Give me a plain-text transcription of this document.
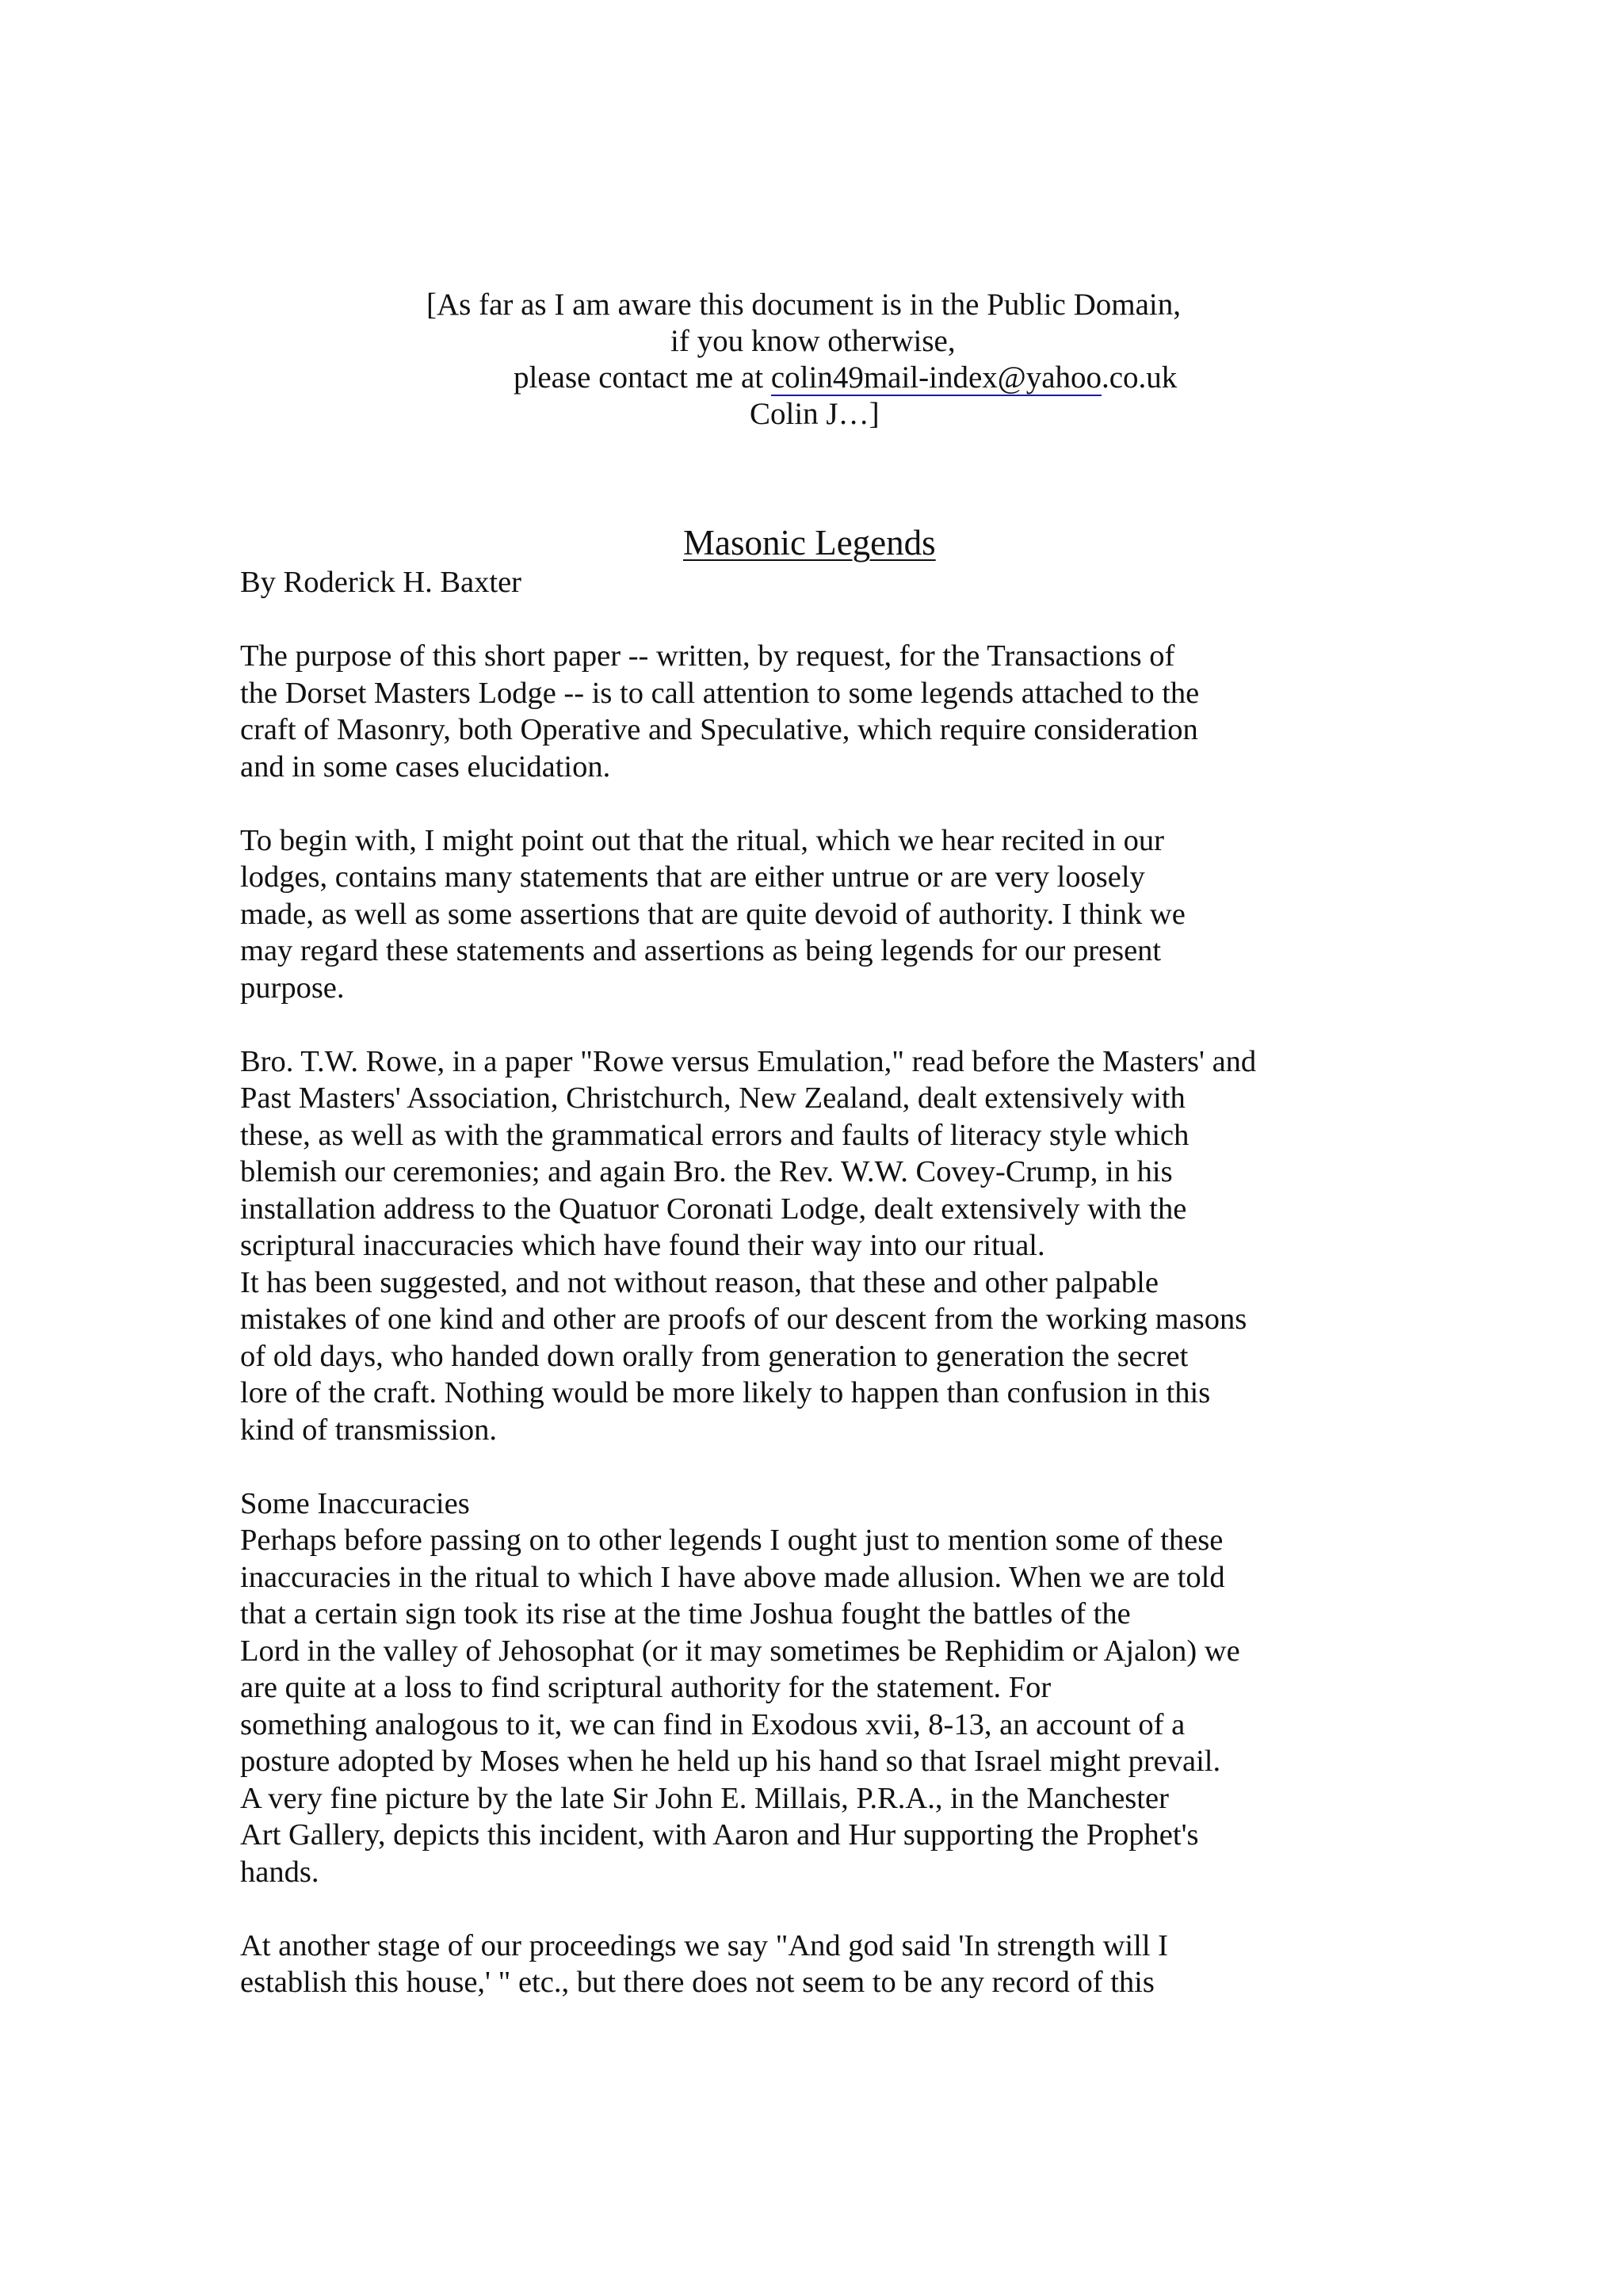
[As far as I am aware this document is in the Public Domain,
if you know otherwise,
please contact me at colin49mail-index@yahoo.co.uk
Colin J…]
Masonic Legends
By Roderick H. Baxter
The purpose of this short paper -- written, by request, for the Transactions of
the Dorset Masters Lodge -- is to call attention to some legends attached to the
craft of Masonry, both Operative and Speculative, which require consideration
and in some cases elucidation.
To begin with, I might point out that the ritual, which we hear recited in our
lodges, contains many statements that are either untrue or are very loosely
made, as well as some assertions that are quite devoid of authority. I think we
may regard these statements and assertions as being legends for our present
purpose.
Bro. T.W. Rowe, in a paper "Rowe versus Emulation," read before the Masters' and
Past Masters' Association, Christchurch, New Zealand, dealt extensively with
these, as well as with the grammatical errors and faults of literacy style which
blemish our ceremonies; and again Bro. the Rev. W.W. Covey-Crump, in his
installation address to the Quatuor Coronati Lodge, dealt extensively with the
scriptural inaccuracies which have found their way into our ritual.
It has been suggested, and not without reason, that these and other palpable
mistakes of one kind and other are proofs of our descent from the working masons
of old days, who handed down orally from generation to generation the secret
lore of the craft. Nothing would be more likely to happen than confusion in this
kind of transmission.
Some Inaccuracies
Perhaps before passing on to other legends I ought just to mention some of these
inaccuracies in the ritual to which I have above made allusion. When we are told
that a certain sign took its rise at the time Joshua fought the battles of the
Lord in the valley of Jehosophat (or it may sometimes be Rephidim or Ajalon) we
are quite at a loss to find scriptural authority for the statement. For
something analogous to it, we can find in Exodous xvii, 8-13, an account of a
posture adopted by Moses when he held up his hand so that Israel might prevail.
A very fine picture by the late Sir John E. Millais, P.R.A., in the Manchester
Art Gallery, depicts this incident, with Aaron and Hur supporting the Prophet's
hands.
At another stage of our proceedings we say "And god said 'In strength will I
establish this house,' " etc., but there does not seem to be any record of this
